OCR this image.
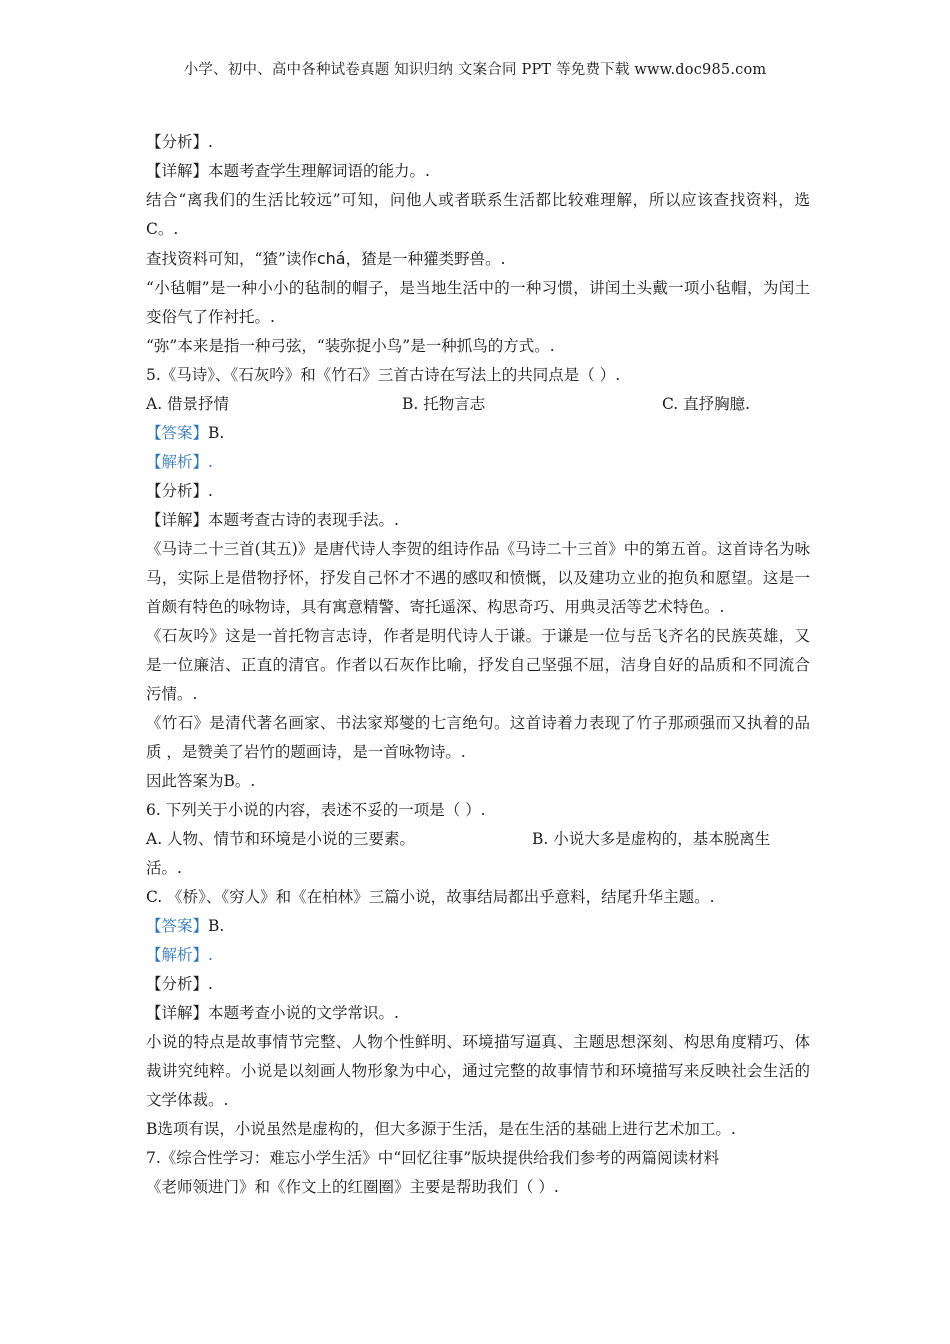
小学、初中、高中各种试卷真题 知识归纳 文案合同 PPT 等免费下载 www.doc985.com

【分析】.

【详解】本题考查学生理解词语的能力。.

结合“离我们的生活比较远”可知，问他人或者联系生活都比较难理解，所以应该查找资料，选C。.

查找资料可知，“猹”读作chá，猹是一种獾类野兽。.

“小毡帽”是一种小小的毡制的帽子，是当地生活中的一种习惯，讲闰土头戴一项小毡帽，为闰土变俗气了作衬托。.

“弥”本来是指一种弓弦，“装弥捉小鸟”是一种抓鸟的方式。.

5.《马诗》、《石灰吟》和《竹石》三首古诗在写法上的共同点是（ ）.

A. 借景抒情	B. 托物言志	C. 直抒胸臆.

【答案】B.

【解析】.

【分析】.

【详解】本题考查古诗的表现手法。.

《马诗二十三首(其五)》是唐代诗人李贺的组诗作品《马诗二十三首》中的第五首。这首诗名为咏马，实际上是借物抒怀，抒发自己怀才不遇的感叹和愤慨，以及建功立业的抱负和愿望。这是一首颇有特色的咏物诗，具有寓意精警、寄托遥深、构思奇巧、用典灵活等艺术特色。.

《石灰吟》这是一首托物言志诗，作者是明代诗人于谦。于谦是一位与岳飞齐名的民族英雄，又是一位廉洁、正直的清官。作者以石灰作比喻，抒发自己坚强不屈，洁身自好的品质和不同流合污情。.

《竹石》是清代著名画家、书法家郑燮的七言绝句。这首诗着力表现了竹子那顽强而又执着的品质 ，是赞美了岩竹的题画诗，是一首咏物诗。.

因此答案为B。.

6. 下列关于小说的内容，表述不妥的一项是（ ）.

A. 人物、情节和环境是小说的三要素。	B. 小说大多是虚构的，基本脱离生

活。.

C. 《桥》、《穷人》和《在柏林》三篇小说，故事结局都出乎意料，结尾升华主题。.

【答案】B.

【解析】.

【分析】.

【详解】本题考查小说的文学常识。.

小说的特点是故事情节完整、人物个性鲜明、环境描写逼真、主题思想深刻、构思角度精巧、体裁讲究纯粹。小说是以刻画人物形象为中心，通过完整的故事情节和环境描写来反映社会生活的文学体裁。.

B选项有误，小说虽然是虚构的，但大多源于生活，是在生活的基础上进行艺术加工。.

7.《综合性学习：难忘小学生活》中“回忆往事”版块提供给我们参考的两篇阅读材料

《老师领进门》和《作文上的红圈圈》主要是帮助我们（ ）.
